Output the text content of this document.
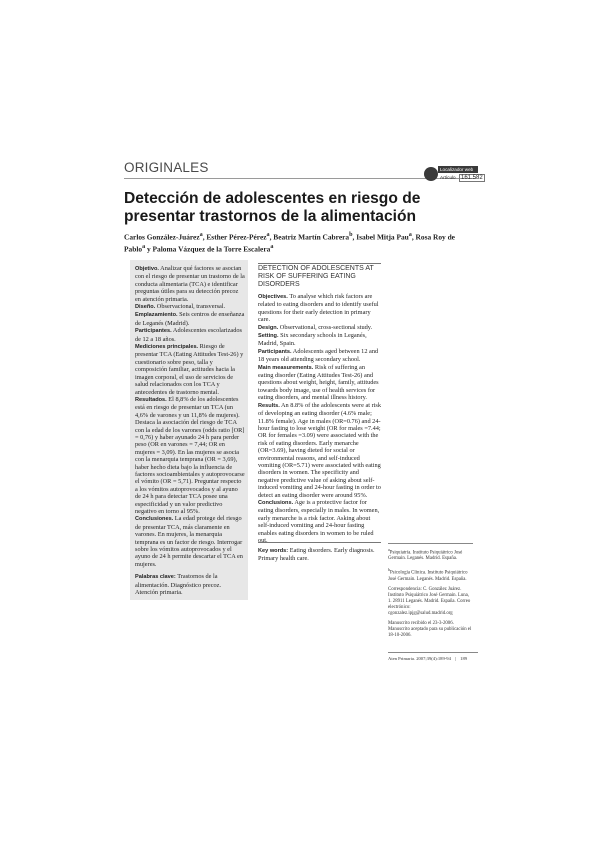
ORIGINALES	Localizador web
Artículo 161.582
Detección de adolescentes en riesgo de presentar trastornos de la alimentación
Carlos González-Juárez$^a$, Esther Pérez-Pérez$^a$, Beatriz Martín Cabrera$^b$, Isabel Mitja Pau$^a$, Rosa Roy de Pablo$^a$ y Paloma Vázquez de la Torre Escalera$^a$

Objetivo. Analizar qué factores se asocian con el riesgo de presentar un trastorno de la conducta alimentaria (TCA) e identificar preguntas útiles para su detección precoz en atención primaria.

Diseño. Observacional, transversal.

Emplazamiento. Seis centros de enseñanza de Leganés (Madrid).

Participantes. Adolescentes escolarizados de 12 a 18 años.

Mediciones principales. Riesgo de presentar TCA (Eating Attitudes Test-26) y cuestionario sobre peso, talla y composición familiar, actitudes hacia la imagen corporal, el uso de servicios de salud relacionados con los TCA y antecedentes de trastorno mental.

Resultados. El 8,8% de los adolescentes está en riesgo de presentar un TCA (un 4,6% de varones y un 11,8% de mujeres). Destaca la asociación del riesgo de TCA con la edad de los varones (odds ratio [OR] = 0,76) y haber ayunado 24 h para perder peso (OR en varones = 7,44; OR en mujeres = 3,09). En las mujeres se asocia con la menarquia temprana (OR = 3,69), haber hecho dieta bajo la influencia de factores socioambientales y autoprovocarse el vómito (OR = 5,71). Preguntar respecto a los vómitos autoprovocados y al ayuno de 24 h para detectar TCA posee una especificidad y un valor predictivo negativo en torno al 95%.

Conclusiones. La edad protege del riesgo de presentar TCA, más claramente en varones. En mujeres, la menarquia temprana es un factor de riesgo. Interrogar sobre los vómitos autoprovocados y el ayuno de 24 h permite descartar el TCA en mujeres.

Palabras clave: Trastornos de la alimentación. Diagnóstico precoz. Atención primaria.

DETECTION OF ADOLESCENTS AT RISK OF SUFFERING EATING DISORDERS

Objectives. To analyse which risk factors are related to eating disorders and to identify useful questions for their early detection in primary care.

Design. Observational, cross-sectional study.

Setting. Six secondary schools in Leganés, Madrid, Spain.

Participants. Adolescents aged between 12 and 18 years old attending secondary school.

Main measurements. Risk of suffering an eating disorder (Eating Attitudes Test-26) and questions about weight, height, family, attitudes towards body image, use of health services for eating disorders, and mental illness history.

Results. An 8.8% of the adolescents were at risk of developing an eating disorder (4.6% male; 11.8% female). Age in males (OR=0.76) and 24-hour fasting to lose weight (OR for males =7.44; OR for females =3.09) were associated with the risk of eating disorders. Early menarche (OR=3.69), having dieted for social or environmental reasons, and self-induced vomiting (OR=5.71) were associated with eating disorders in women. The specificity and negative predictive value of asking about self-induced vomiting and 24-hour fasting in order to detect an eating disorder were around 95%.

Conclusions. Age is a protective factor for eating disorders, especially in males. In women, early menarche is a risk factor. Asking about self-induced vomiting and 24-hour fasting enables eating disorders in women to be ruled out.

Key words: Eating disorders. Early diagnosis. Primary health care.

$^a$Psiquiatría. Instituto Psiquiátrico José Germain. Leganés. Madrid. España.

$^b$Psicología Clínica. Instituto Psiquiátrico José Germain. Leganés. Madrid. España.

Correspondencia: C. González Juárez. Instituto Psiquiátrico José Germain. Luna, 1. 28911 Leganés. Madrid. España. Correo electrónico: cgonzalez.ipjg@salud.madrid.org

Manuscrito recibido el 23-3-2006. Manuscrito aceptado para su publicación el 18-10-2006.

Aten Primaria. 2007;39(4):189-94 | 189
